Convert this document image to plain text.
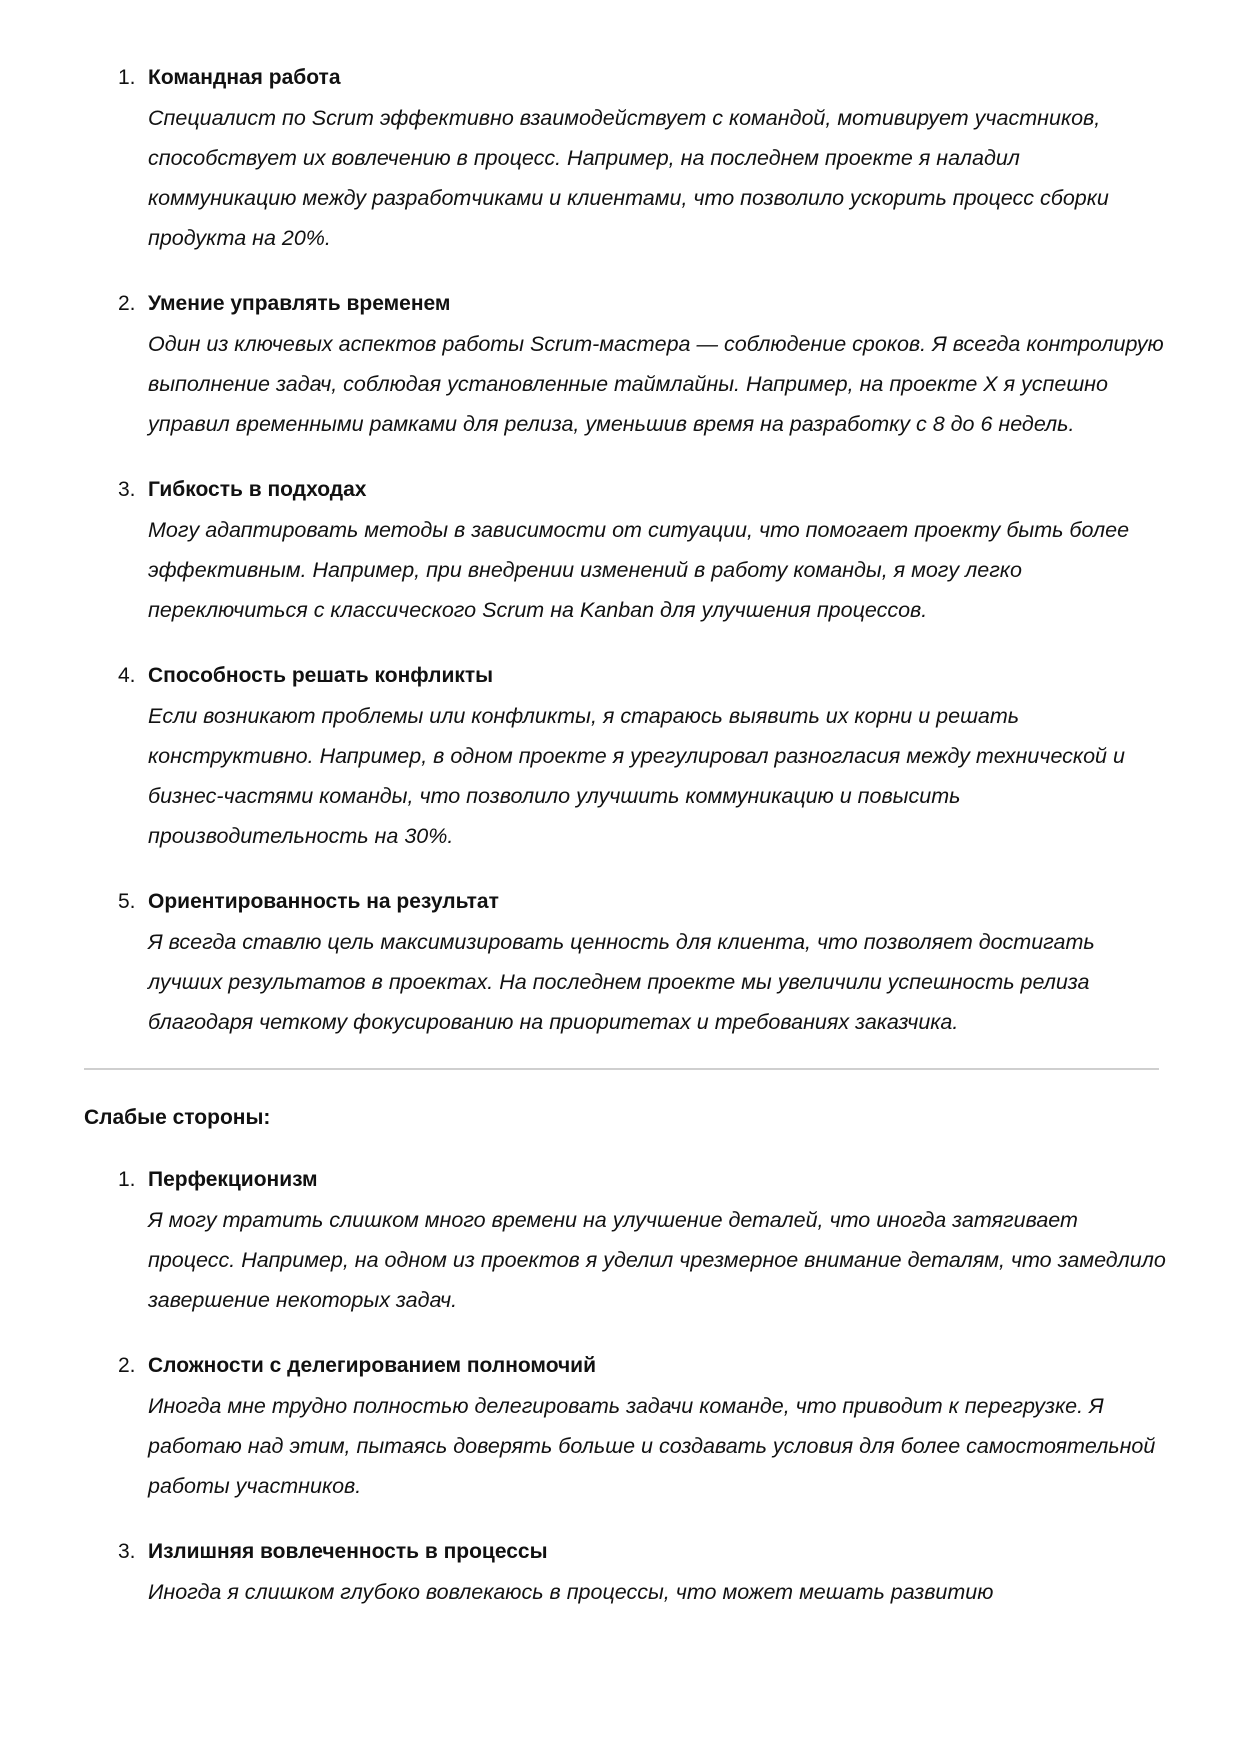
1. Командная работа
Специалист по Scrum эффективно взаимодействует с командой, мотивирует участников, способствует их вовлечению в процесс. Например, на последнем проекте я наладил коммуникацию между разработчиками и клиентами, что позволило ускорить процесс сборки продукта на 20%.
2. Умение управлять временем
Один из ключевых аспектов работы Scrum-мастера — соблюдение сроков. Я всегда контролирую выполнение задач, соблюдая установленные таймлайны. Например, на проекте X я успешно управил временными рамками для релиза, уменьшив время на разработку с 8 до 6 недель.
3. Гибкость в подходах
Могу адаптировать методы в зависимости от ситуации, что помогает проекту быть более эффективным. Например, при внедрении изменений в работу команды, я могу легко переключиться с классического Scrum на Kanban для улучшения процессов.
4. Способность решать конфликты
Если возникают проблемы или конфликты, я стараюсь выявить их корни и решать конструктивно. Например, в одном проекте я урегулировал разногласия между технической и бизнес-частями команды, что позволило улучшить коммуникацию и повысить производительность на 30%.
5. Ориентированность на результат
Я всегда ставлю цель максимизировать ценность для клиента, что позволяет достигать лучших результатов в проектах. На последнем проекте мы увеличили успешность релиза благодаря четкому фокусированию на приоритетах и требованиях заказчика.
Слабые стороны:
1. Перфекционизм
Я могу тратить слишком много времени на улучшение деталей, что иногда затягивает процесс. Например, на одном из проектов я уделил чрезмерное внимание деталям, что замедлило завершение некоторых задач.
2. Сложности с делегированием полномочий
Иногда мне трудно полностью делегировать задачи команде, что приводит к перегрузке. Я работаю над этим, пытаясь доверять больше и создавать условия для более самостоятельной работы участников.
3. Излишняя вовлеченность в процессы
Иногда я слишком глубоко вовлекаюсь в процессы, что может мешать развитию
